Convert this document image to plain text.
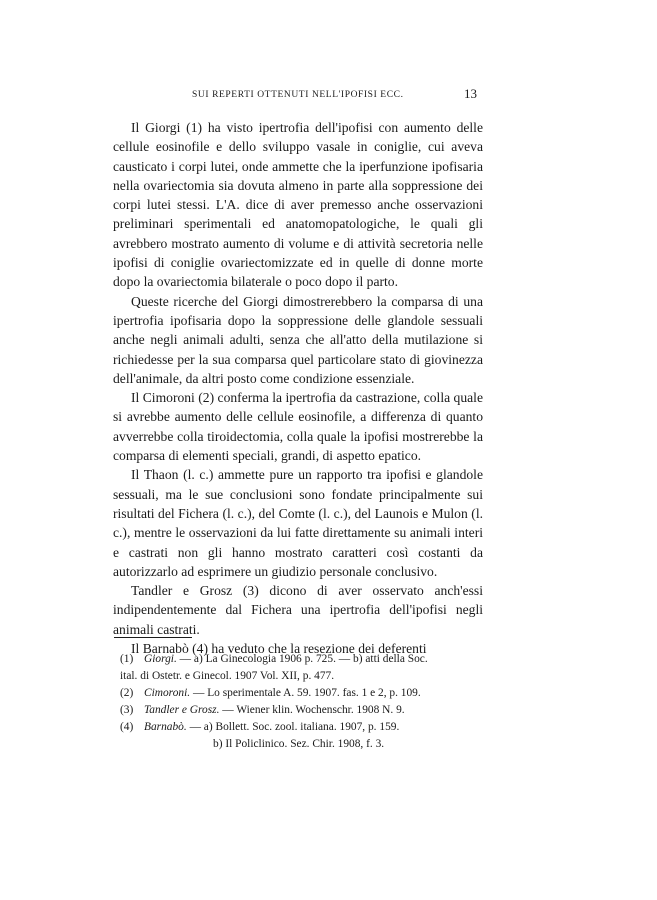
SUI REPERTI OTTENUTI NELL'IPOFISI ECC.	13

Il Giorgi (1) ha visto ipertrofia dell'ipofisi con aumento delle cellule eosinofile e dello sviluppo vasale in coniglie, cui aveva causticato i corpi lutei, onde ammette che la iperfunzione ipofisaria nella ovariectomia sia dovuta almeno in parte alla soppressione dei corpi lutei stessi. L'A. dice di aver premesso anche osservazioni preliminari sperimentali ed anatomopatologiche, le quali gli avrebbero mostrato aumento di volume e di attività secretoria nelle ipofisi di coniglie ovariectomizzate ed in quelle di donne morte dopo la ovariectomia bilaterale o poco dopo il parto.

Queste ricerche del Giorgi dimostrerebbero la comparsa di una ipertrofia ipofisaria dopo la soppressione delle glandole sessuali anche negli animali adulti, senza che all'atto della mutilazione si richiedesse per la sua comparsa quel particolare stato di giovinezza dell'animale, da altri posto come condizione essenziale.

Il Cimoroni (2) conferma la ipertrofia da castrazione, colla quale si avrebbe aumento delle cellule eosinofile, a differenza di quanto avverrebbe colla tiroidectomia, colla quale la ipofisi mostrerebbe la comparsa di elementi speciali, grandi, di aspetto epatico.

Il Thaon (l. c.) ammette pure un rapporto tra ipofisi e glandole sessuali, ma le sue conclusioni sono fondate principalmente sui risultati del Fichera (l. c.), del Comte (l. c.), del Launois e Mulon (l. c.), mentre le osservazioni da lui fatte direttamente su animali interi e castrati non gli hanno mostrato caratteri così costanti da autorizzarlo ad esprimere un giudizio personale conclusivo.

Tandler e Grosz (3) dicono di aver osservato anch'essi indipendentemente dal Fichera una ipertrofia dell'ipofisi negli animali castrati.

Il Barnabò (4) ha veduto che la resezione dei deferenti

(1) Giorgi. — a) La Ginecologia 1906 p. 725. — b) atti della Soc.
ital. di Ostetr. e Ginecol. 1907 Vol. XII, p. 477.
(2) Cimoroni. — Lo sperimentale A. 59. 1907. fas. 1 e 2, p. 109.
(3) Tandler e Grosz. — Wiener klin. Wochenschr. 1908 N. 9.
(4) Barnabò. — a) Bollett. Soc. zool. italiana. 1907, p. 159.
b) Il Policlinico. Sez. Chir. 1908, f. 3.
